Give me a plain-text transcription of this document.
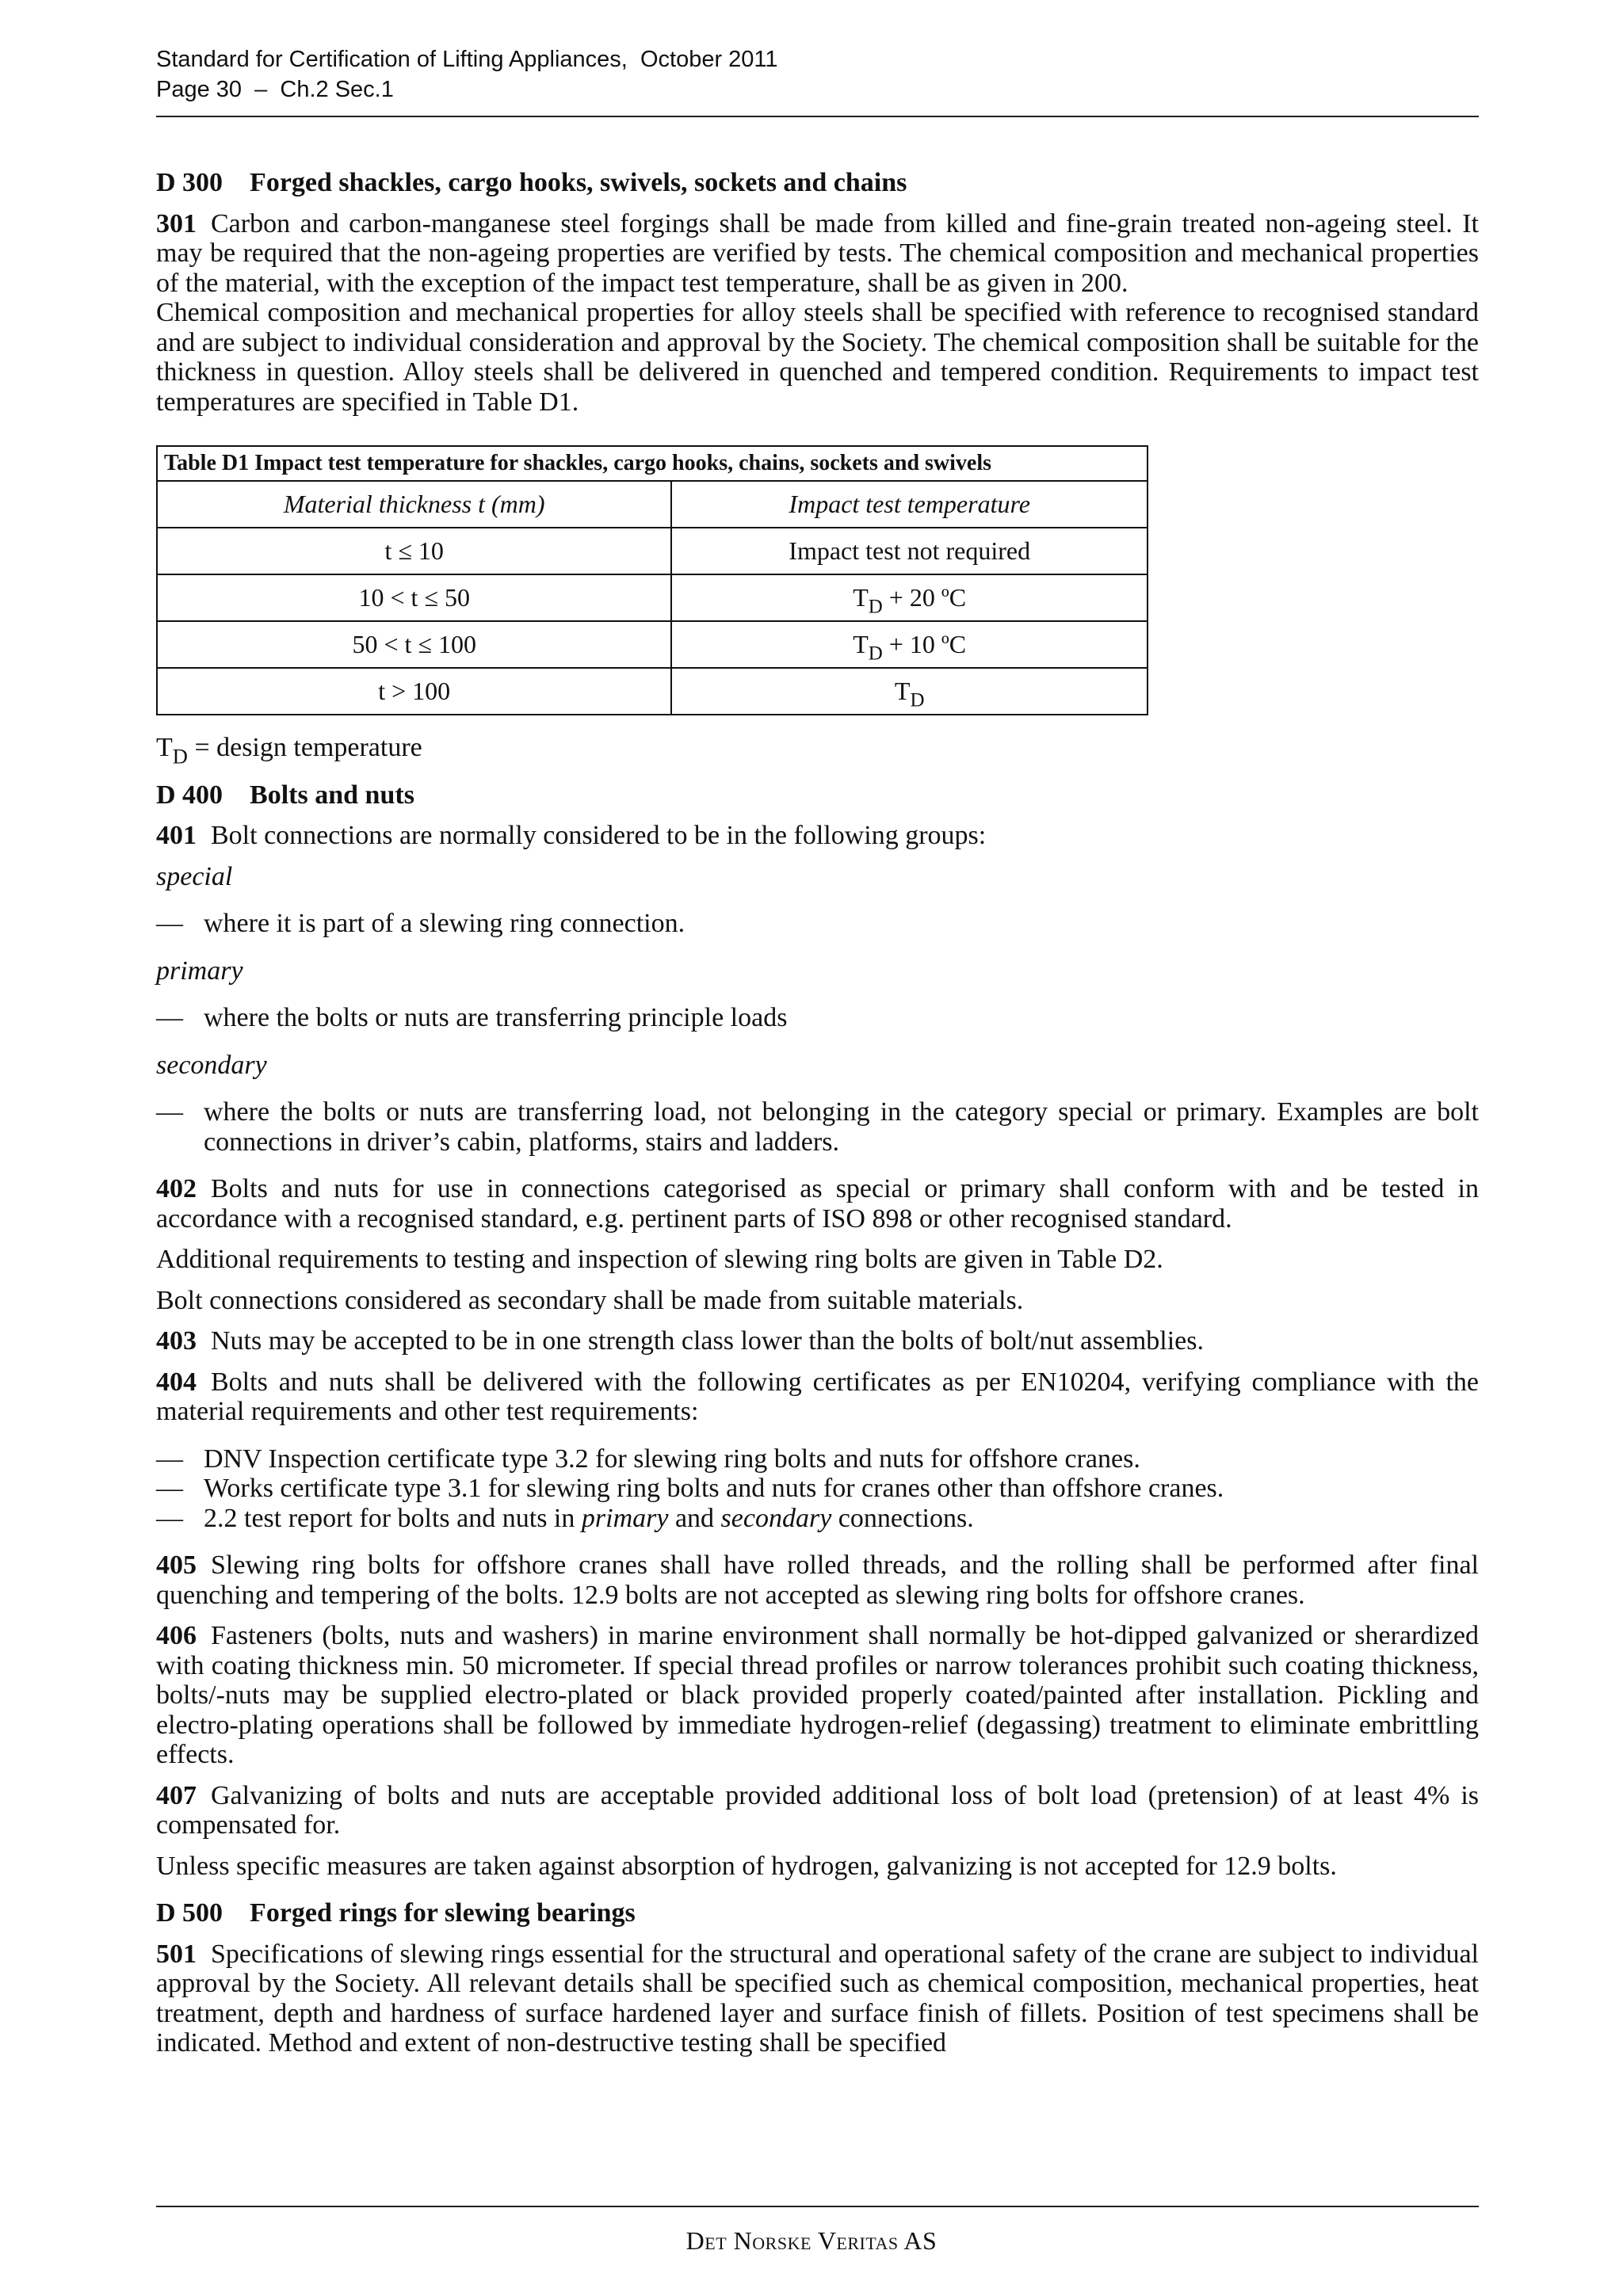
Standard for Certification of Lifting Appliances,  October 2011
Page 30  –  Ch.2 Sec.1

D 300    Forged shackles, cargo hooks, swivels, sockets and chains

301 Carbon and carbon-manganese steel forgings shall be made from killed and fine-grain treated non-ageing steel. It may be required that the non-ageing properties are verified by tests. The chemical composition and mechanical properties of the material, with the exception of the impact test temperature, shall be as given in 200.

Chemical composition and mechanical properties for alloy steels shall be specified with reference to recognised standard and are subject to individual consideration and approval by the Society. The chemical composition shall be suitable for the thickness in question. Alloy steels shall be delivered in quenched and tempered condition. Requirements to impact test temperatures are specified in Table D1.

Table D1 Impact test temperature for shackles, cargo hooks, chains, sockets and swivels	
Material thickness t (mm)	Impact test temperature
t ≤ 10	Impact test not required
10 < t ≤ 50	$T_D + 20$ ºC
50 < t ≤ 100	$T_D + 10$ ºC
t > 100	$T_D$

$T_D$ = design temperature

D 400    Bolts and nuts

401 Bolt connections are normally considered to be in the following groups:

special

— where it is part of a slewing ring connection.

primary

— where the bolts or nuts are transferring principle loads

secondary

— where the bolts or nuts are transferring load, not belonging in the category special or primary. Examples are bolt connections in driver’s cabin, platforms, stairs and ladders.

402 Bolts and nuts for use in connections categorised as special or primary shall conform with and be tested in accordance with a recognised standard, e.g. pertinent parts of ISO 898 or other recognised standard.

Additional requirements to testing and inspection of slewing ring bolts are given in Table D2.

Bolt connections considered as secondary shall be made from suitable materials.

403 Nuts may be accepted to be in one strength class lower than the bolts of bolt/nut assemblies.

404 Bolts and nuts shall be delivered with the following certificates as per EN10204, verifying compliance with the material requirements and other test requirements:

— DNV Inspection certificate type 3.2 for slewing ring bolts and nuts for offshore cranes.

— Works certificate type 3.1 for slewing ring bolts and nuts for cranes other than offshore cranes.

— 2.2 test report for bolts and nuts in primary and secondary connections.

405 Slewing ring bolts for offshore cranes shall have rolled threads, and the rolling shall be performed after final quenching and tempering of the bolts. 12.9 bolts are not accepted as slewing ring bolts for offshore cranes.

406 Fasteners (bolts, nuts and washers) in marine environment shall normally be hot-dipped galvanized or sherardized with coating thickness min. 50 micrometer. If special thread profiles or narrow tolerances prohibit such coating thickness, bolts/-nuts may be supplied electro-plated or black provided properly coated/painted after installation. Pickling and electro-plating operations shall be followed by immediate hydrogen-relief (degassing) treatment to eliminate embrittling effects.

407 Galvanizing of bolts and nuts are acceptable provided additional loss of bolt load (pretension) of at least 4% is compensated for.

Unless specific measures are taken against absorption of hydrogen, galvanizing is not accepted for 12.9 bolts.

D 500    Forged rings for slewing bearings

501 Specifications of slewing rings essential for the structural and operational safety of the crane are subject to individual approval by the Society. All relevant details shall be specified such as chemical composition, mechanical properties, heat treatment, depth and hardness of surface hardened layer and surface finish of fillets. Position of test specimens shall be indicated. Method and extent of non-destructive testing shall be specified

Det Norske Veritas AS
